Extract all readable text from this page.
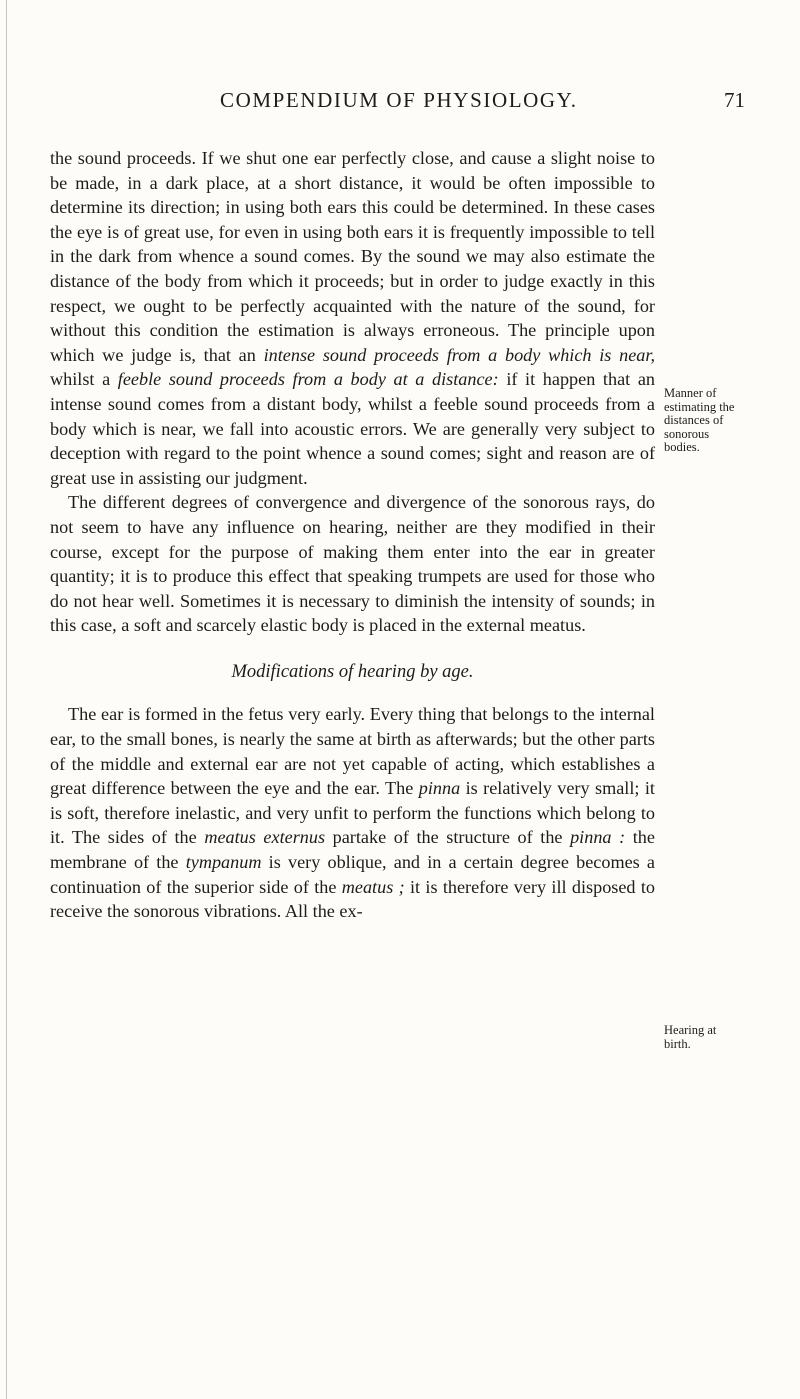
COMPENDIUM OF PHYSIOLOGY.	71

the sound proceeds. If we shut one ear perfectly close, and cause a slight noise to be made, in a dark place, at a short distance, it would be often impossible to determine its direction; in using both ears this could be determined. In these cases the eye is of great use, for even in using both ears it is frequently impossible to tell in the dark from whence a sound comes. By the sound we may also estimate the distance of the body from which it proceeds; but in order to judge exactly in this respect, we ought to be perfectly acquainted with the nature of the sound, for without this condition the estimation is always erroneous. The principle upon which we judge is, that an intense sound proceeds from a body which is near, whilst a feeble sound proceeds from a body at a distance: if it happen that an intense sound comes from a distant body, whilst a feeble sound proceeds from a body which is near, we fall into acoustic errors. We are generally very subject to deception with regard to the point whence a sound comes; sight and reason are of great use in assisting our judgment.

The different degrees of convergence and divergence of the sonorous rays, do not seem to have any influence on hearing, neither are they modified in their course, except for the purpose of making them enter into the ear in greater quantity; it is to produce this effect that speaking trumpets are used for those who do not hear well. Sometimes it is necessary to diminish the intensity of sounds; in this case, a soft and scarcely elastic body is placed in the external meatus.

Modifications of hearing by age.

The ear is formed in the fetus very early. Every thing that belongs to the internal ear, to the small bones, is nearly the same at birth as afterwards; but the other parts of the middle and external ear are not yet capable of acting, which establishes a great difference between the eye and the ear. The pinna is relatively very small; it is soft, therefore inelastic, and very unfit to perform the functions which belong to it. The sides of the meatus externus partake of the structure of the pinna : the membrane of the tympanum is very oblique, and in a certain degree becomes a continuation of the superior side of the meatus ; it is therefore very ill disposed to receive the sonorous vibrations. All the ex-

Manner of
estimating the
distances of
sonorous
bodies.
Hearing at
birth.
